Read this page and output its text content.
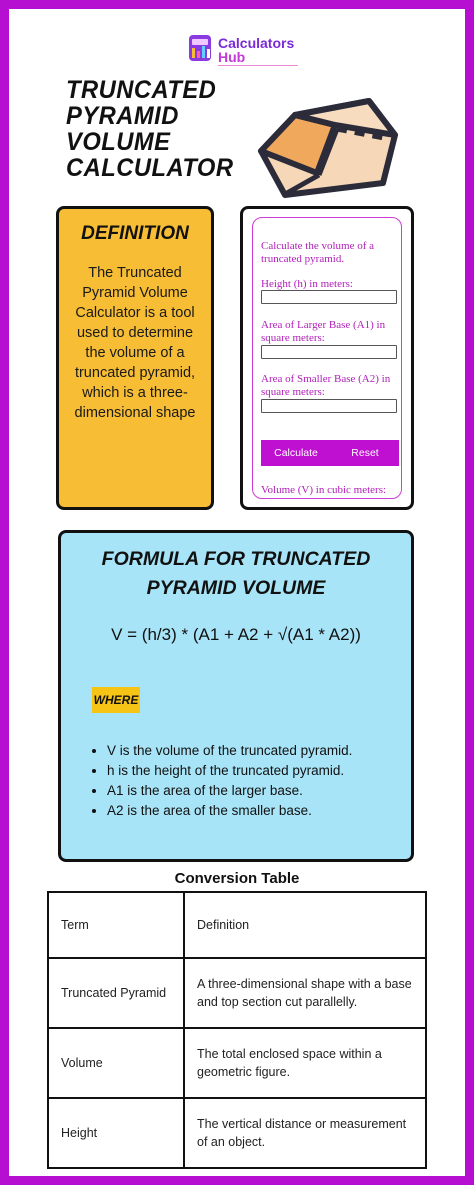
Calculators
Hub
TRUNCATED
PYRAMID
VOLUME
CALCULATOR
DEFINITION
The Truncated Pyramid Volume Calculator is a tool used to determine the volume of a truncated pyramid, which is a three-dimensional shape
Calculate the volume of a truncated pyramid.
Height (h) in meters:
Area of Larger Base (A1) in square meters:
Area of Smaller Base (A2) in square meters:
Calculate	Reset
Volume (V) in cubic meters:
FORMULA FOR TRUNCATED PYRAMID VOLUME
V = (h/3) * (A1 + A2 + √(A1 * A2))
WHERE
• V is the volume of the truncated pyramid.
• h is the height of the truncated pyramid.
• A1 is the area of the larger base.
• A2 is the area of the smaller base.
Conversion Table
Term	Definition
Truncated Pyramid	A three-dimensional shape with a base and top section cut parallelly.
Volume	The total enclosed space within a geometric figure.
Height	The vertical distance or measurement of an object.
